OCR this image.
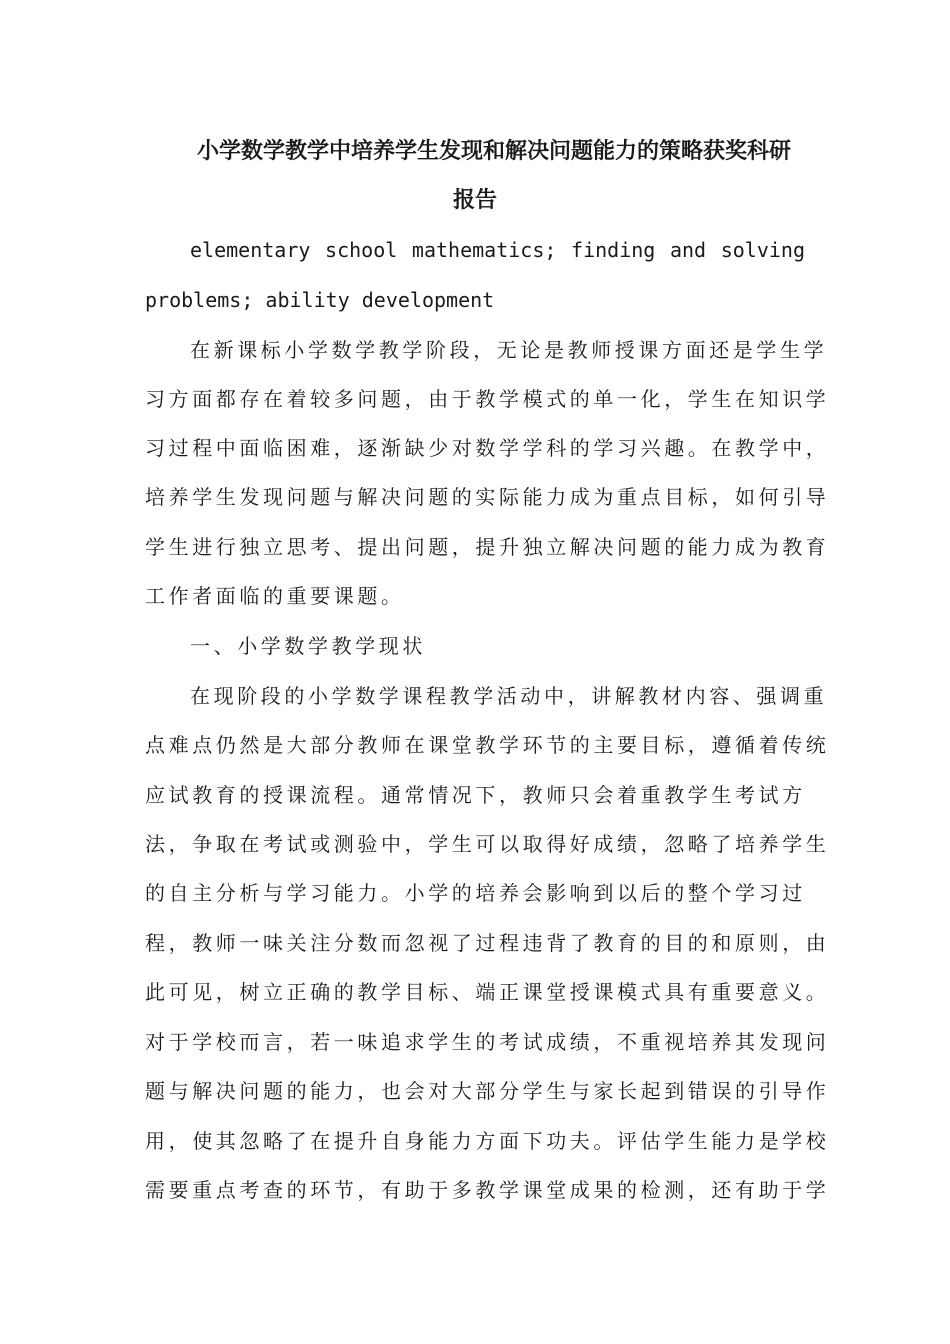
小学数学教学中培养学生发现和解决问题能力的策略获奖科研
报告

elementary school mathematics; finding and solving

problems; ability development

在新课标小学数学教学阶段，无论是教师授课方面还是学生学

习方面都存在着较多问题，由于教学模式的单一化，学生在知识学

习过程中面临困难，逐渐缺少对数学学科的学习兴趣。在教学中，

培养学生发现问题与解决问题的实际能力成为重点目标，如何引导

学生进行独立思考、提出问题，提升独立解决问题的能力成为教育

工作者面临的重要课题。

一、小学数学教学现状

在现阶段的小学数学课程教学活动中，讲解教材内容、强调重

点难点仍然是大部分教师在课堂教学环节的主要目标，遵循着传统

应试教育的授课流程。通常情况下，教师只会着重教学生考试方

法，争取在考试或测验中，学生可以取得好成绩，忽略了培养学生

的自主分析与学习能力。小学的培养会影响到以后的整个学习过

程，教师一味关注分数而忽视了过程违背了教育的目的和原则，由

此可见，树立正确的教学目标、端正课堂授课模式具有重要意义。

对于学校而言，若一味追求学生的考试成绩，不重视培养其发现问

题与解决问题的能力，也会对大部分学生与家长起到错误的引导作

用，使其忽略了在提升自身能力方面下功夫。评估学生能力是学校

需要重点考查的环节，有助于多教学课堂成果的检测，还有助于学
